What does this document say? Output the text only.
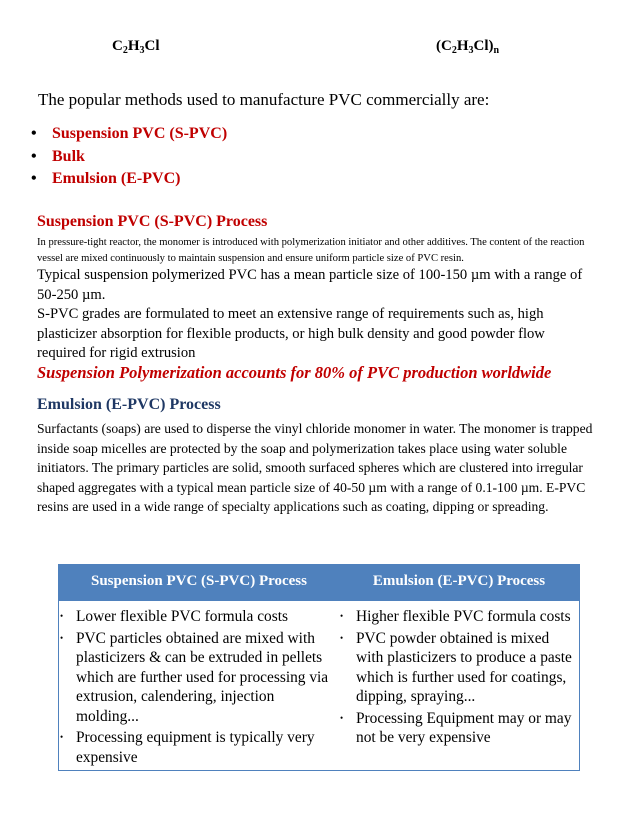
$C_2H_3Cl$	$(C_2H_3Cl)_n$
The popular methods used to manufacture PVC commercially are:
• Suspension PVC (S-PVC)
• Bulk
• Emulsion (E-PVC)
Suspension PVC (S-PVC) Process
In pressure-tight reactor, the monomer is introduced with polymerization initiator and other additives. The content of the reaction vessel are mixed continuously to maintain suspension and ensure uniform particle size of PVC resin.
Typical suspension polymerized PVC has a mean particle size of 100-150 µm with a range of 50-250 µm.
S-PVC grades are formulated to meet an extensive range of requirements such as, high plasticizer absorption for flexible products, or high bulk density and good powder flow required for rigid extrusion
Suspension Polymerization accounts for 80% of PVC production worldwide
Emulsion (E-PVC) Process
Surfactants (soaps) are used to disperse the vinyl chloride monomer in water. The monomer is trapped inside soap micelles are protected by the soap and polymerization takes place using water soluble initiators. The primary particles are solid, smooth surfaced spheres which are clustered into irregular shaped aggregates with a typical mean particle size of 40-50 µm with a range of 0.1-100 µm. E-PVC resins are used in a wide range of specialty applications such as coating, dipping or spreading.
Suspension PVC (S-PVC) Process	Emulsion (E-PVC) Process
• Lower flexible PVC formula costs
• PVC particles obtained are mixed with plasticizers & can be extruded in pellets which are further used for processing via extrusion, calendering, injection molding...
• Processing equipment is typically very expensive
• Higher flexible PVC formula costs
• PVC powder obtained is mixed with plasticizers to produce a paste which is further used for coatings, dipping, spraying...
• Processing Equipment may or may not be very expensive
